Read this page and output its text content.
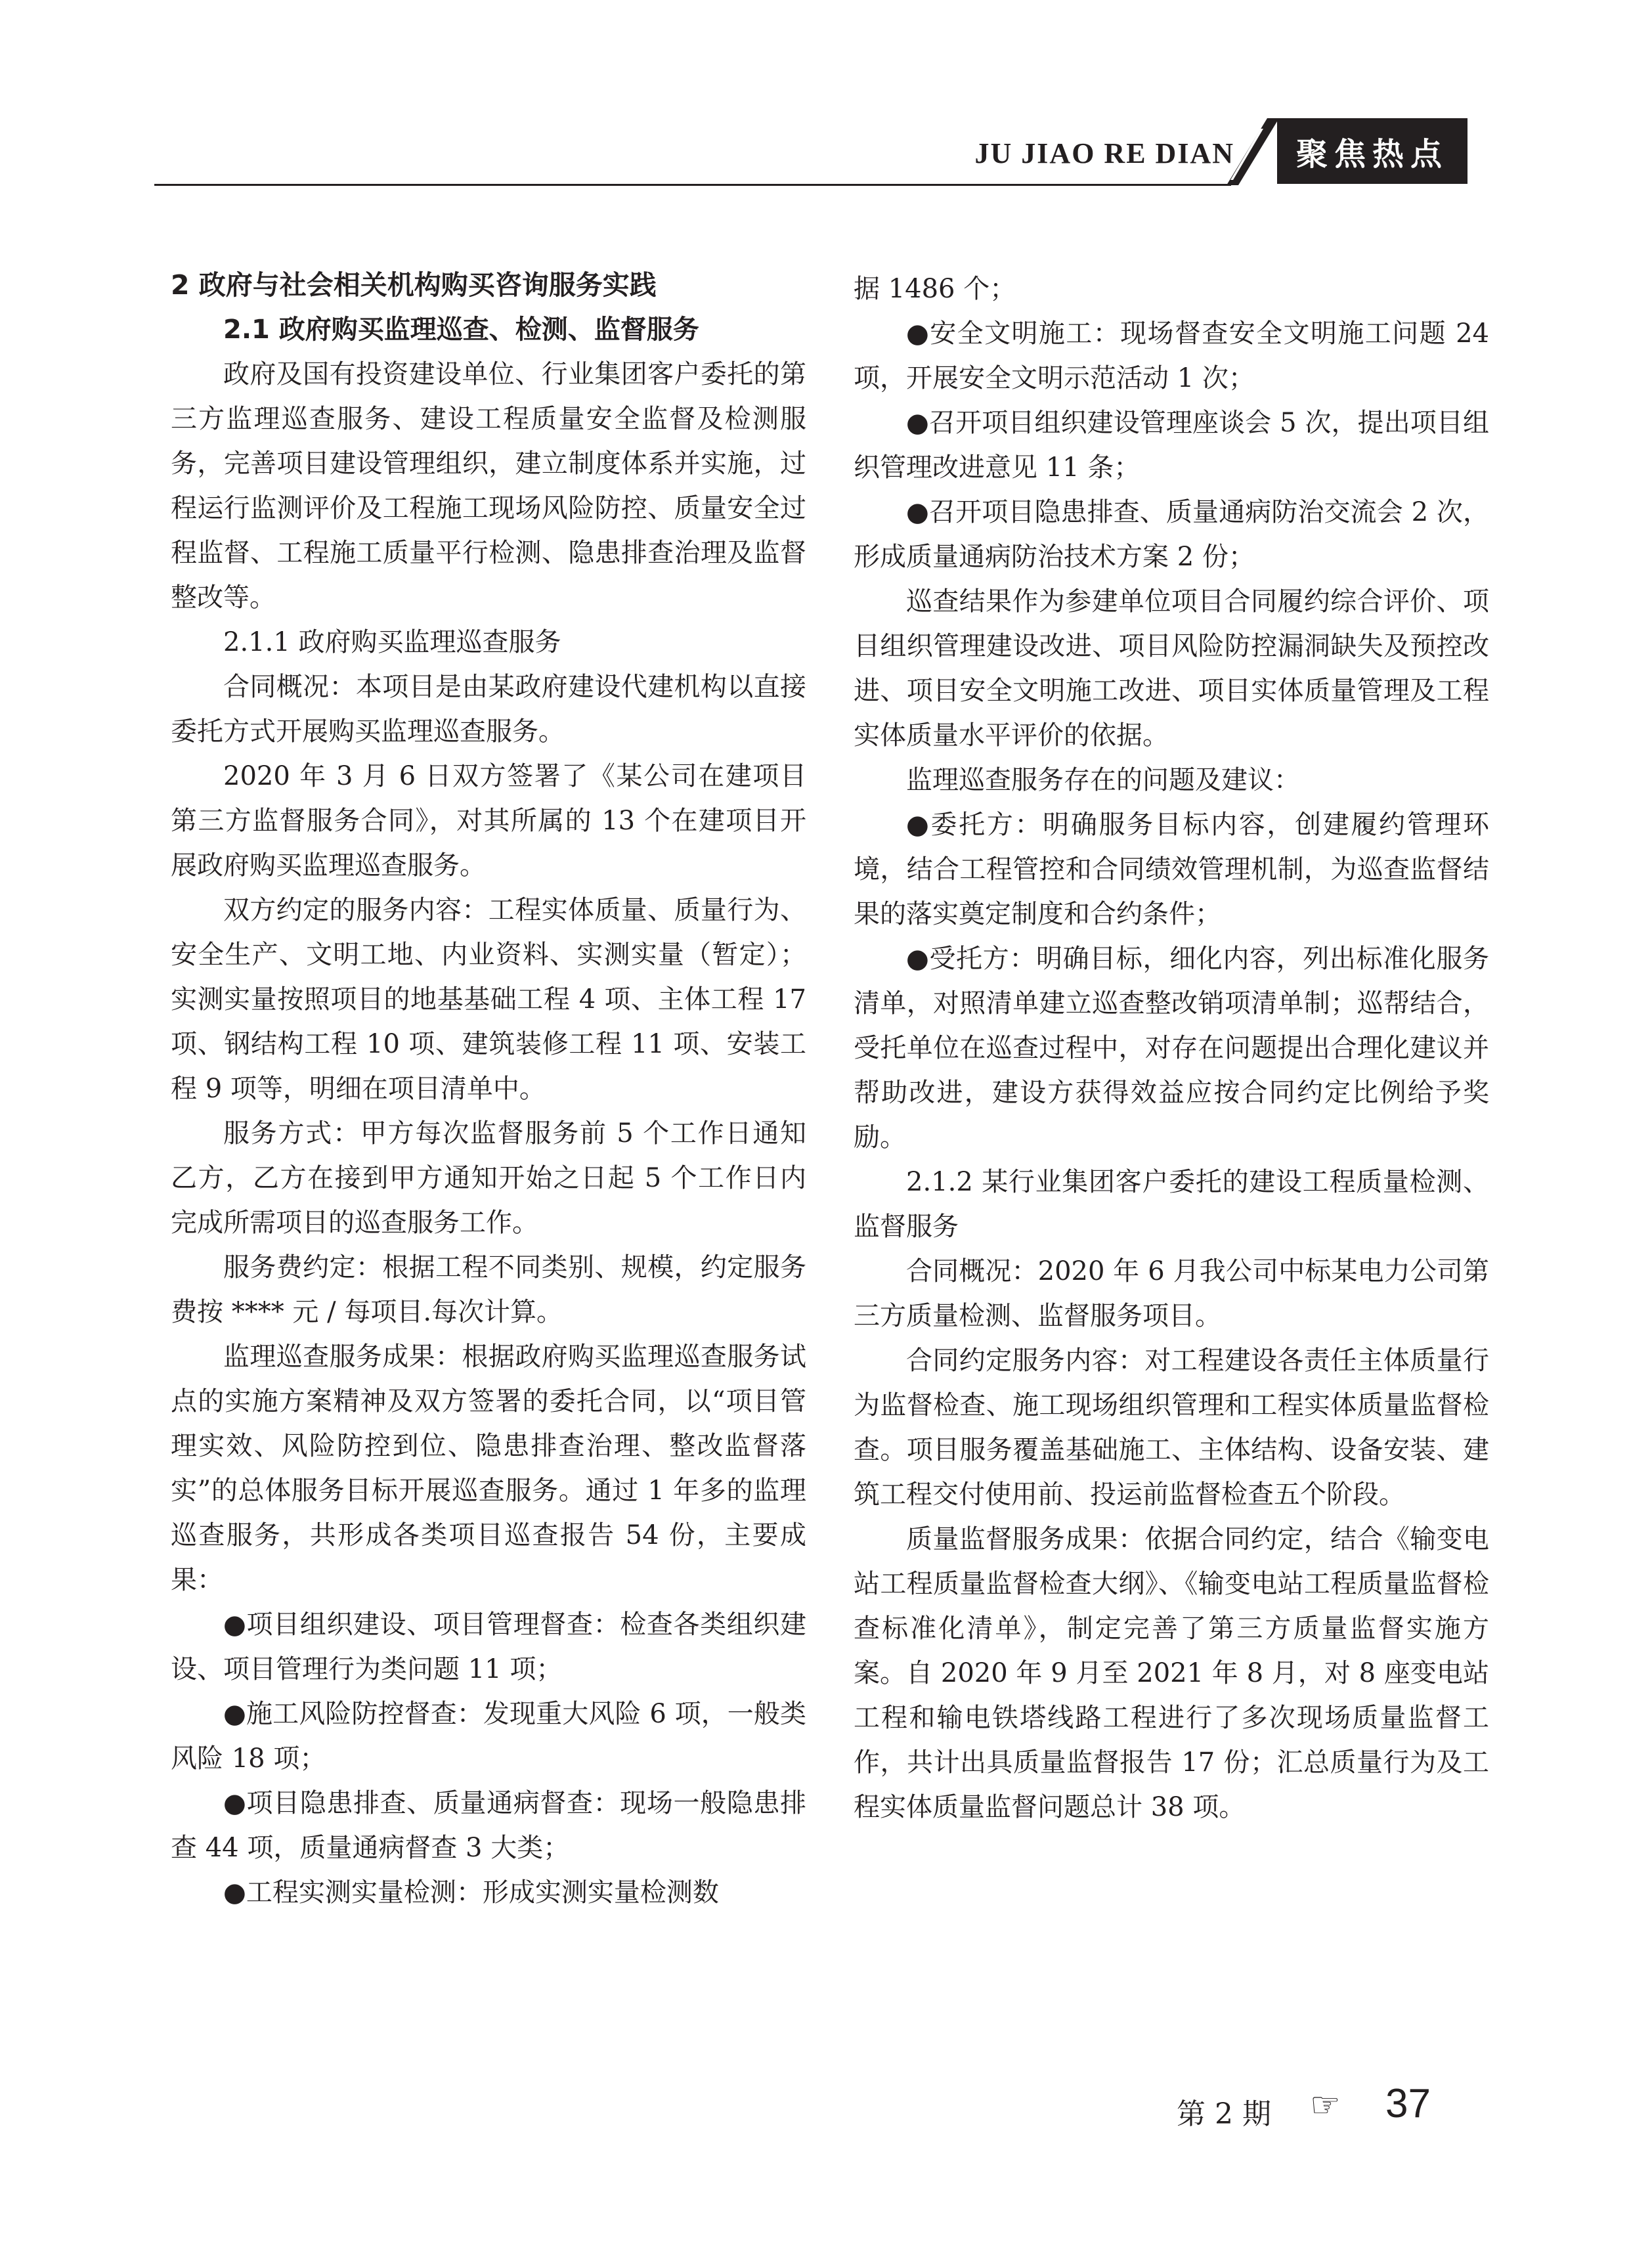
JU JIAO RE DIAN	聚焦热点

2 政府与社会相关机构购买咨询服务实践

2.1 政府购买监理巡查、检测、监督服务

政府及国有投资建设单位、行业集团客户委托的第三方监理巡查服务、建设工程质量安全监督及检测服务，完善项目建设管理组织，建立制度体系并实施，过程运行监测评价及工程施工现场风险防控、质量安全过程监督、工程施工质量平行检测、隐患排查治理及监督整改等。

2.1.1 政府购买监理巡查服务

合同概况：本项目是由某政府建设代建机构以直接委托方式开展购买监理巡查服务。

2020 年 3 月 6 日双方签署了《某公司在建项目第三方监督服务合同》，对其所属的 13 个在建项目开展政府购买监理巡查服务。

双方约定的服务内容：工程实体质量、质量行为、安全生产、文明工地、内业资料、实测实量（暂定）；实测实量按照项目的地基基础工程 4 项、主体工程 17 项、钢结构工程 10 项、建筑装修工程 11 项、安装工程 9 项等，明细在项目清单中。

服务方式：甲方每次监督服务前 5 个工作日通知乙方，乙方在接到甲方通知开始之日起 5 个工作日内完成所需项目的巡查服务工作。

服务费约定：根据工程不同类别、规模，约定服务费按 **** 元 / 每项目.每次计算。

监理巡查服务成果：根据政府购买监理巡查服务试点的实施方案精神及双方签署的委托合同，以“项目管理实效、风险防控到位、隐患排查治理、整改监督落实”的总体服务目标开展巡查服务。通过 1 年多的监理巡查服务，共形成各类项目巡查报告 54 份，主要成果：

●项目组织建设、项目管理督查：检查各类组织建设、项目管理行为类问题 11 项；

●施工风险防控督查：发现重大风险 6 项，一般类风险 18 项；

●项目隐患排查、质量通病督查：现场一般隐患排查 44 项，质量通病督查 3 大类；

●工程实测实量检测：形成实测实量检测数

据 1486 个；

●安全文明施工：现场督查安全文明施工问题 24 项，开展安全文明示范活动 1 次；

●召开项目组织建设管理座谈会 5 次，提出项目组织管理改进意见 11 条；

●召开项目隐患排查、质量通病防治交流会 2 次，形成质量通病防治技术方案 2 份；

巡查结果作为参建单位项目合同履约综合评价、项目组织管理建设改进、项目风险防控漏洞缺失及预控改进、项目安全文明施工改进、项目实体质量管理及工程实体质量水平评价的依据。

监理巡查服务存在的问题及建议：

●委托方：明确服务目标内容，创建履约管理环境，结合工程管控和合同绩效管理机制，为巡查监督结果的落实奠定制度和合约条件；

●受托方：明确目标，细化内容，列出标准化服务清单，对照清单建立巡查整改销项清单制；巡帮结合，受托单位在巡查过程中，对存在问题提出合理化建议并帮助改进，建设方获得效益应按合同约定比例给予奖励。

2.1.2 某行业集团客户委托的建设工程质量检测、监督服务

合同概况：2020 年 6 月我公司中标某电力公司第三方质量检测、监督服务项目。

合同约定服务内容：对工程建设各责任主体质量行为监督检查、施工现场组织管理和工程实体质量监督检查。项目服务覆盖基础施工、主体结构、设备安装、建筑工程交付使用前、投运前监督检查五个阶段。

质量监督服务成果：依据合同约定，结合《输变电站工程质量监督检查大纲》、《输变电站工程质量监督检查标准化清单》，制定完善了第三方质量监督实施方案。自 2020 年 9 月至 2021 年 8 月，对 8 座变电站工程和输电铁塔线路工程进行了多次现场质量监督工作，共计出具质量监督报告 17 份；汇总质量行为及工程实体质量监督问题总计 38 项。

第 2 期 ☞ 37
